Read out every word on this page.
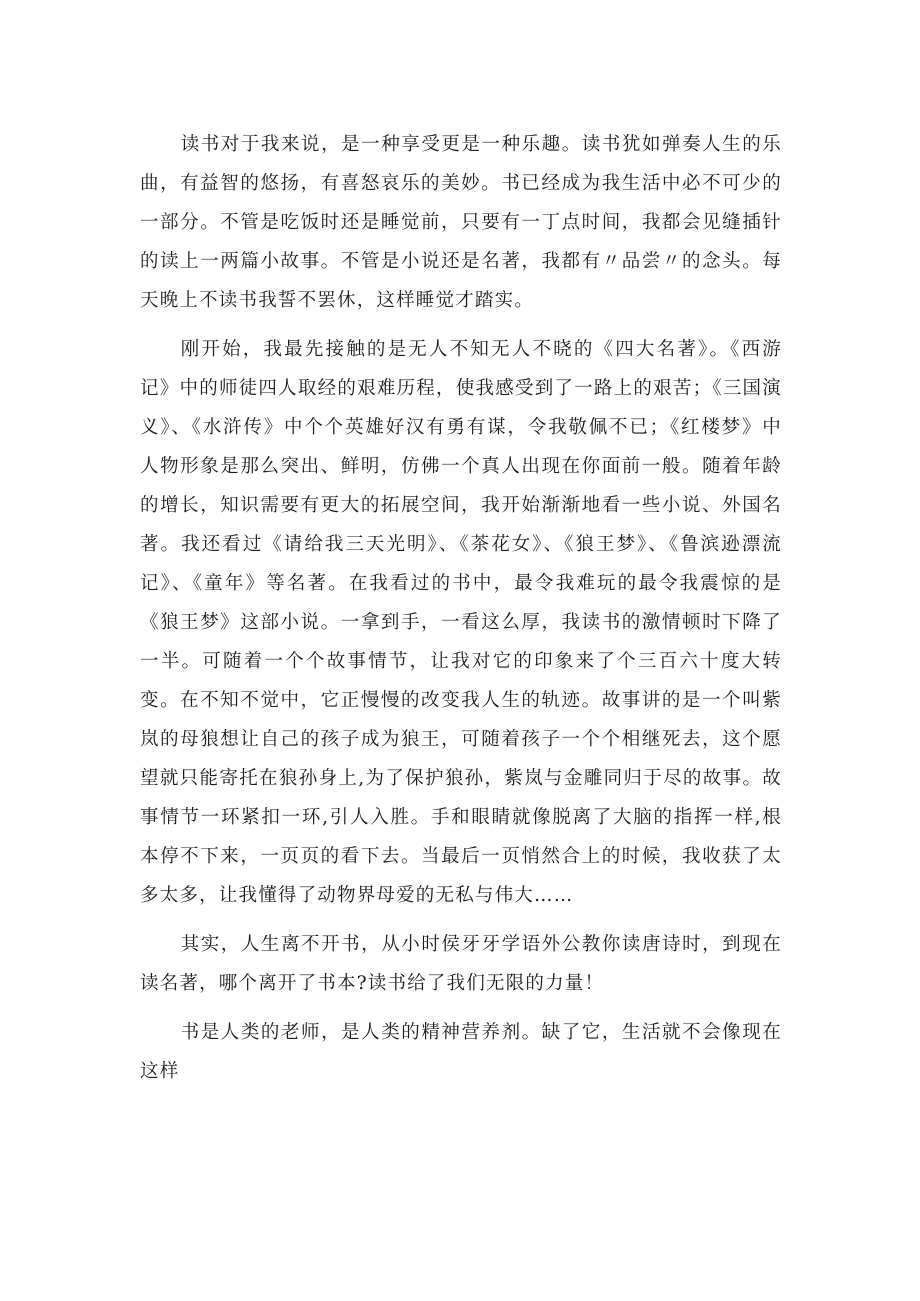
读书对于我来说，是一种享受更是一种乐趣。读书犹如弹奏人生的乐曲，有益智的悠扬，有喜怒哀乐的美妙。书已经成为我生活中必不可少的一部分。不管是吃饭时还是睡觉前，只要有一丁点时间，我都会见缝插针的读上一两篇小故事。不管是小说还是名著，我都有〃品尝〃的念头。每天晚上不读书我誓不罢休，这样睡觉才踏实。

刚开始，我最先接触的是无人不知无人不晓的《四大名著》。《西游记》中的师徒四人取经的艰难历程，使我感受到了一路上的艰苦；《三国演义》、《水浒传》中个个英雄好汉有勇有谋，令我敬佩不已；《红楼梦》中人物形象是那么突出、鲜明，仿佛一个真人出现在你面前一般。随着年龄的增长，知识需要有更大的拓展空间，我开始渐渐地看一些小说、外国名著。我还看过《请给我三天光明》、《茶花女》、《狼王梦》、《鲁滨逊漂流记》、《童年》等名著。在我看过的书中，最令我难玩的最令我震惊的是《狼王梦》这部小说。一拿到手，一看这么厚，我读书的激情顿时下降了一半。可随着一个个故事情节，让我对它的印象来了个三百六十度大转变。在不知不觉中，它正慢慢的改变我人生的轨迹。故事讲的是一个叫紫岚的母狼想让自己的孩子成为狼王，可随着孩子一个个相继死去，这个愿望就只能寄托在狼孙身上,为了保护狼孙，紫岚与金雕同归于尽的故事。故事情节一环紧扣一环,引人入胜。手和眼睛就像脱离了大脑的指挥一样,根本停不下来，一页页的看下去。当最后一页悄然合上的时候，我收获了太多太多，让我懂得了动物界母爱的无私与伟大……

其实，人生离不开书，从小时侯牙牙学语外公教你读唐诗时，到现在读名著，哪个离开了书本?读书给了我们无限的力量！

书是人类的老师，是人类的精神营养剂。缺了它，生活就不会像现在这样
